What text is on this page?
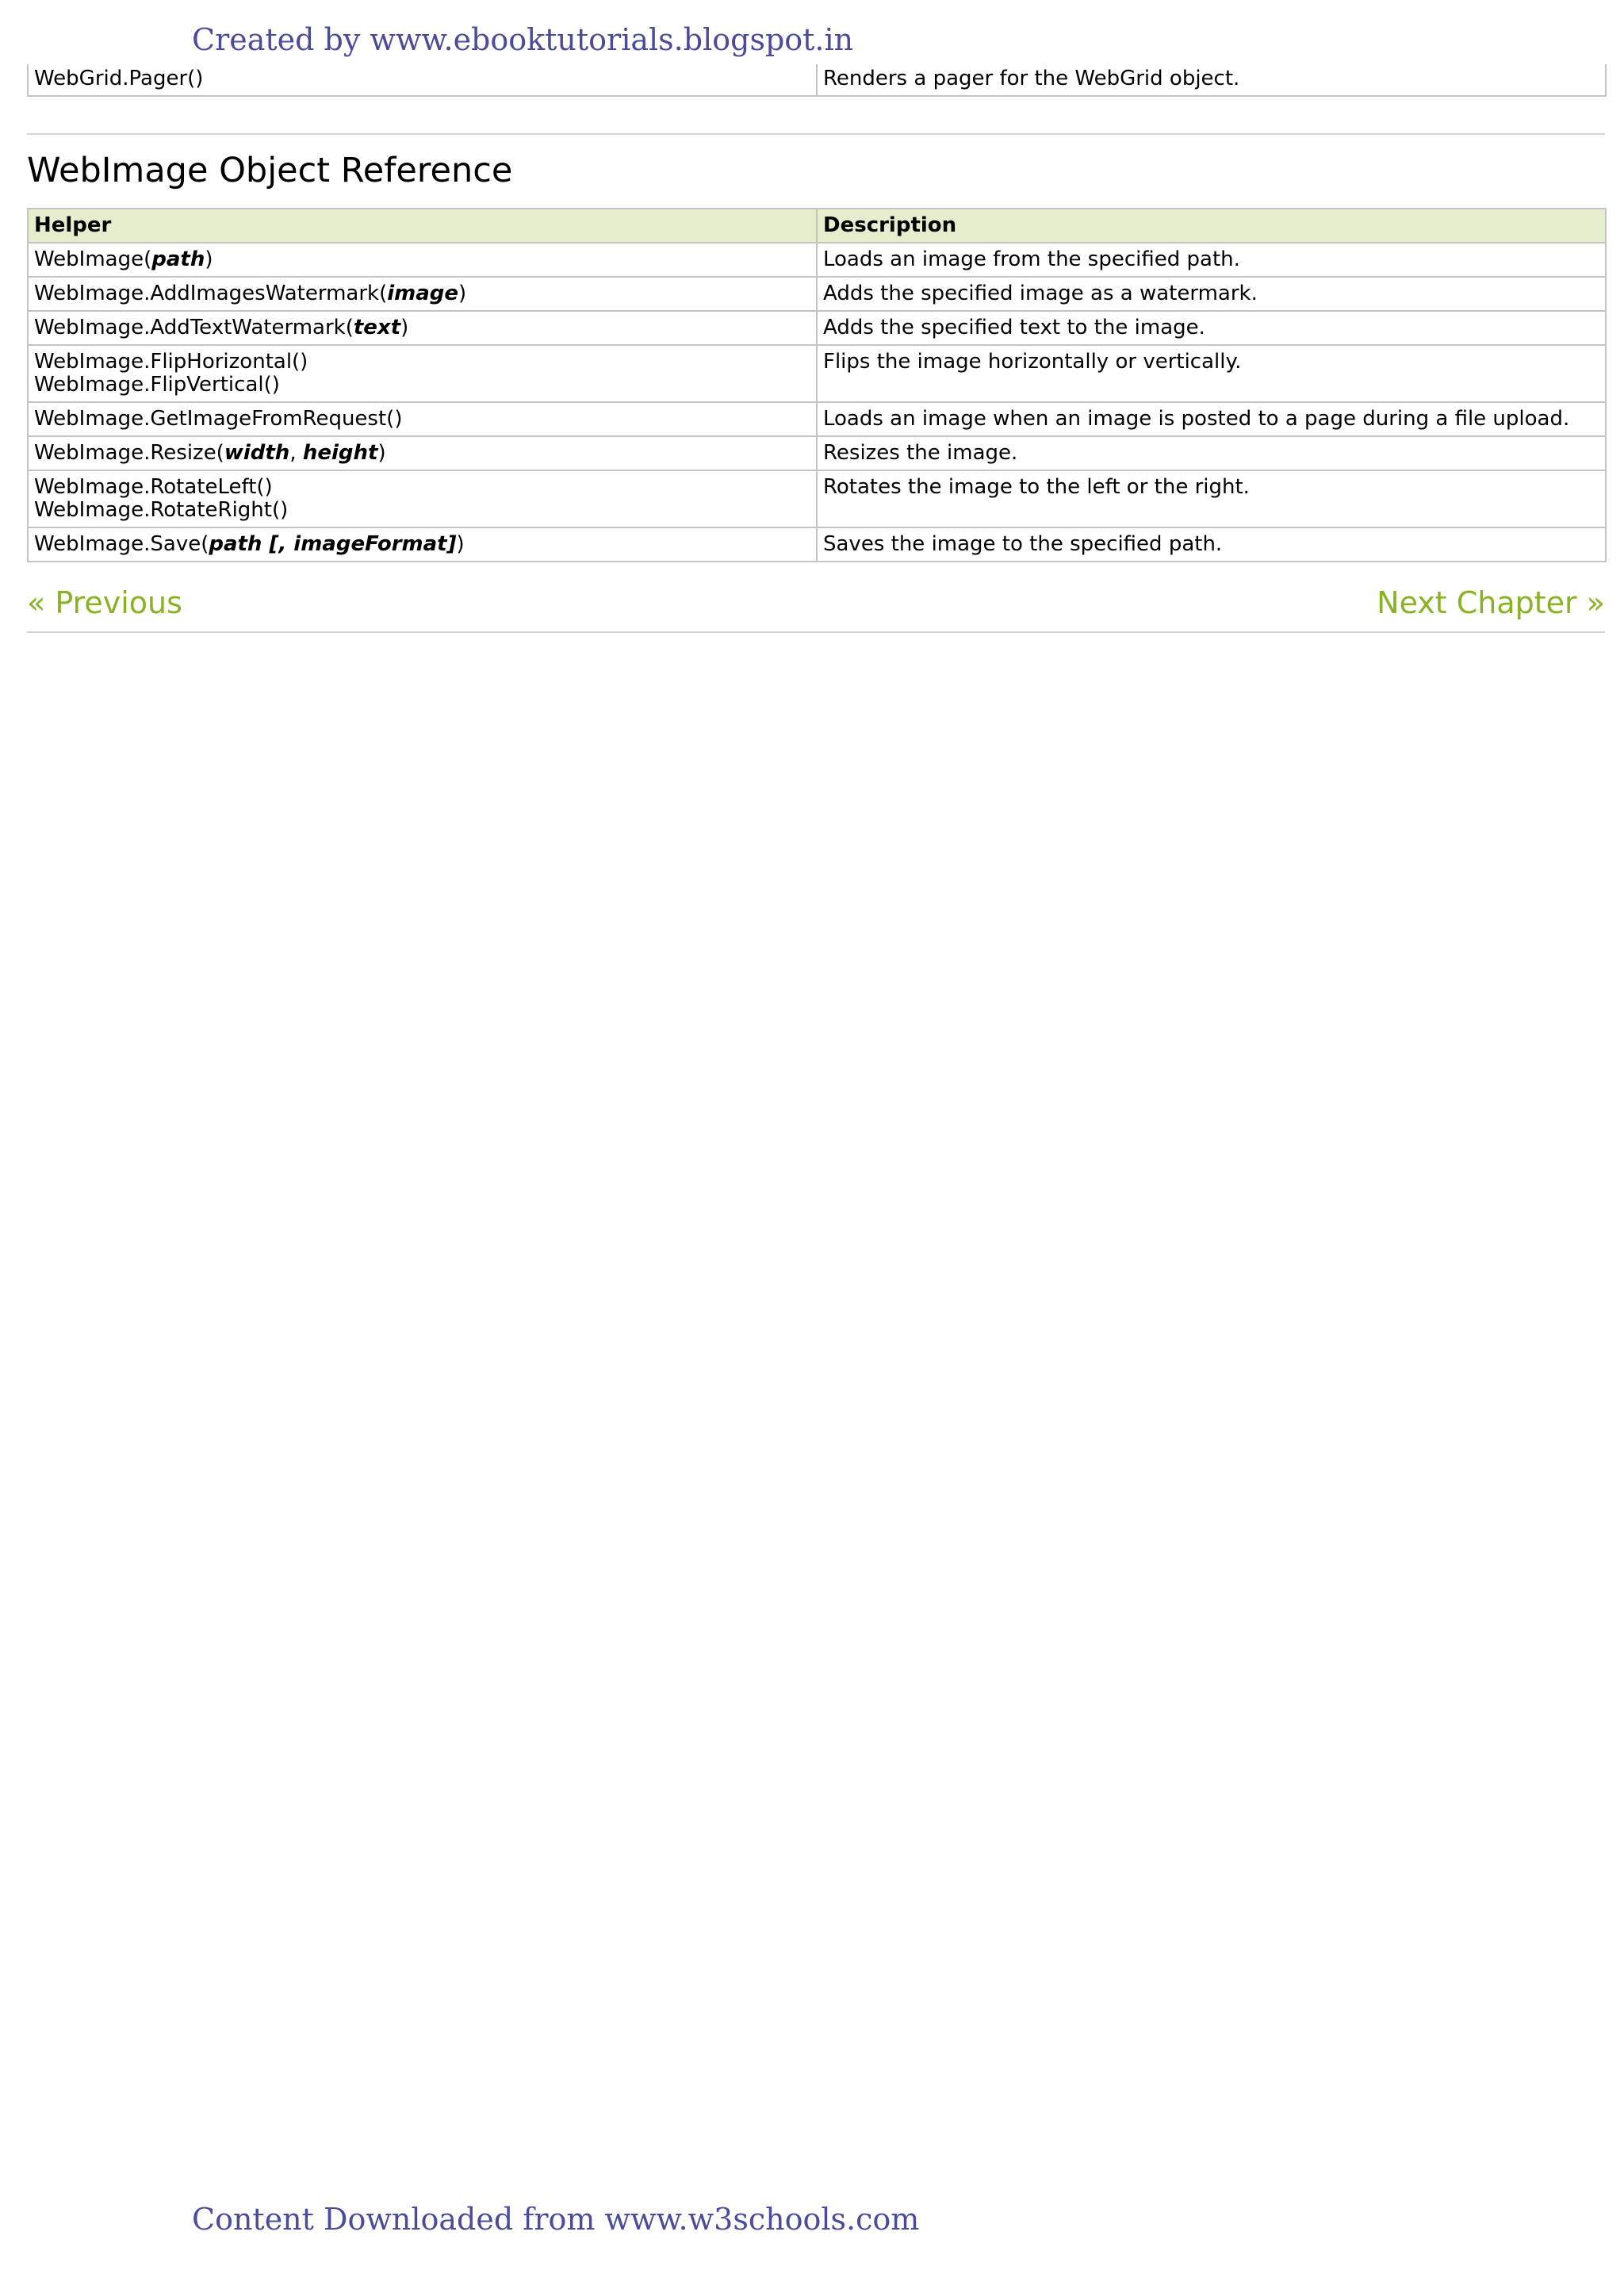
Created by www.ebooktutorials.blogspot.in
WebGrid.Pager()	Renders a pager for the WebGrid object.
WebImage Object Reference
Helper	Description
WebImage(path)	Loads an image from the specified path.
WebImage.AddImagesWatermark(image)	Adds the specified image as a watermark.
WebImage.AddTextWatermark(text)	Adds the specified text to the image.
WebImage.FlipHorizontal()
WebImage.FlipVertical()	Flips the image horizontally or vertically.
WebImage.GetImageFromRequest()	Loads an image when an image is posted to a page during a file upload.
WebImage.Resize(width, height)	Resizes the image.
WebImage.RotateLeft()
WebImage.RotateRight()	Rotates the image to the left or the right.
WebImage.Save(path [, imageFormat])	Saves the image to the specified path.
« Previous	Next Chapter »
Content Downloaded from www.w3schools.com
